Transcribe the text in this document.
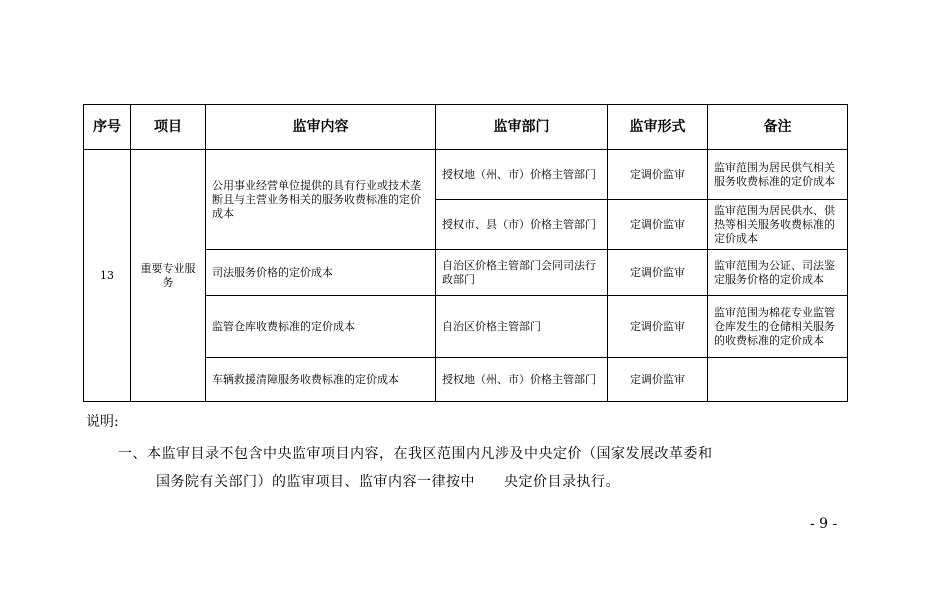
序号	项目	监审内容	监审部门	监审形式	备注
13	重要专业服务	公用事业经营单位提供的具有行业或技术垄断且与主营业务相关的服务收费标准的定价成本	授权地（州、市）价格主管部门	定调价监审	监审范围为居民供气相关服务收费标准的定价成本
			授权市、县（市）价格主管部门	定调价监审	监审范围为居民供水、供热等相关服务收费标准的定价成本
		司法服务价格的定价成本	自治区价格主管部门会同司法行政部门	定调价监审	监审范围为公证、司法鉴定服务价格的定价成本
		监管仓库收费标准的定价成本	自治区价格主管部门	定调价监审	监审范围为棉花专业监管仓库发生的仓储相关服务的收费标准的定价成本
		车辆救援清障服务收费标准的定价成本	授权地（州、市）价格主管部门	定调价监审	
说明:
一、本监审目录不包含中央监审项目内容，在我区范围内凡涉及中央定价（国家发展改革委和
国务院有关部门）的监审项目、监审内容一律按中　　央定价目录执行。
- 9 -
